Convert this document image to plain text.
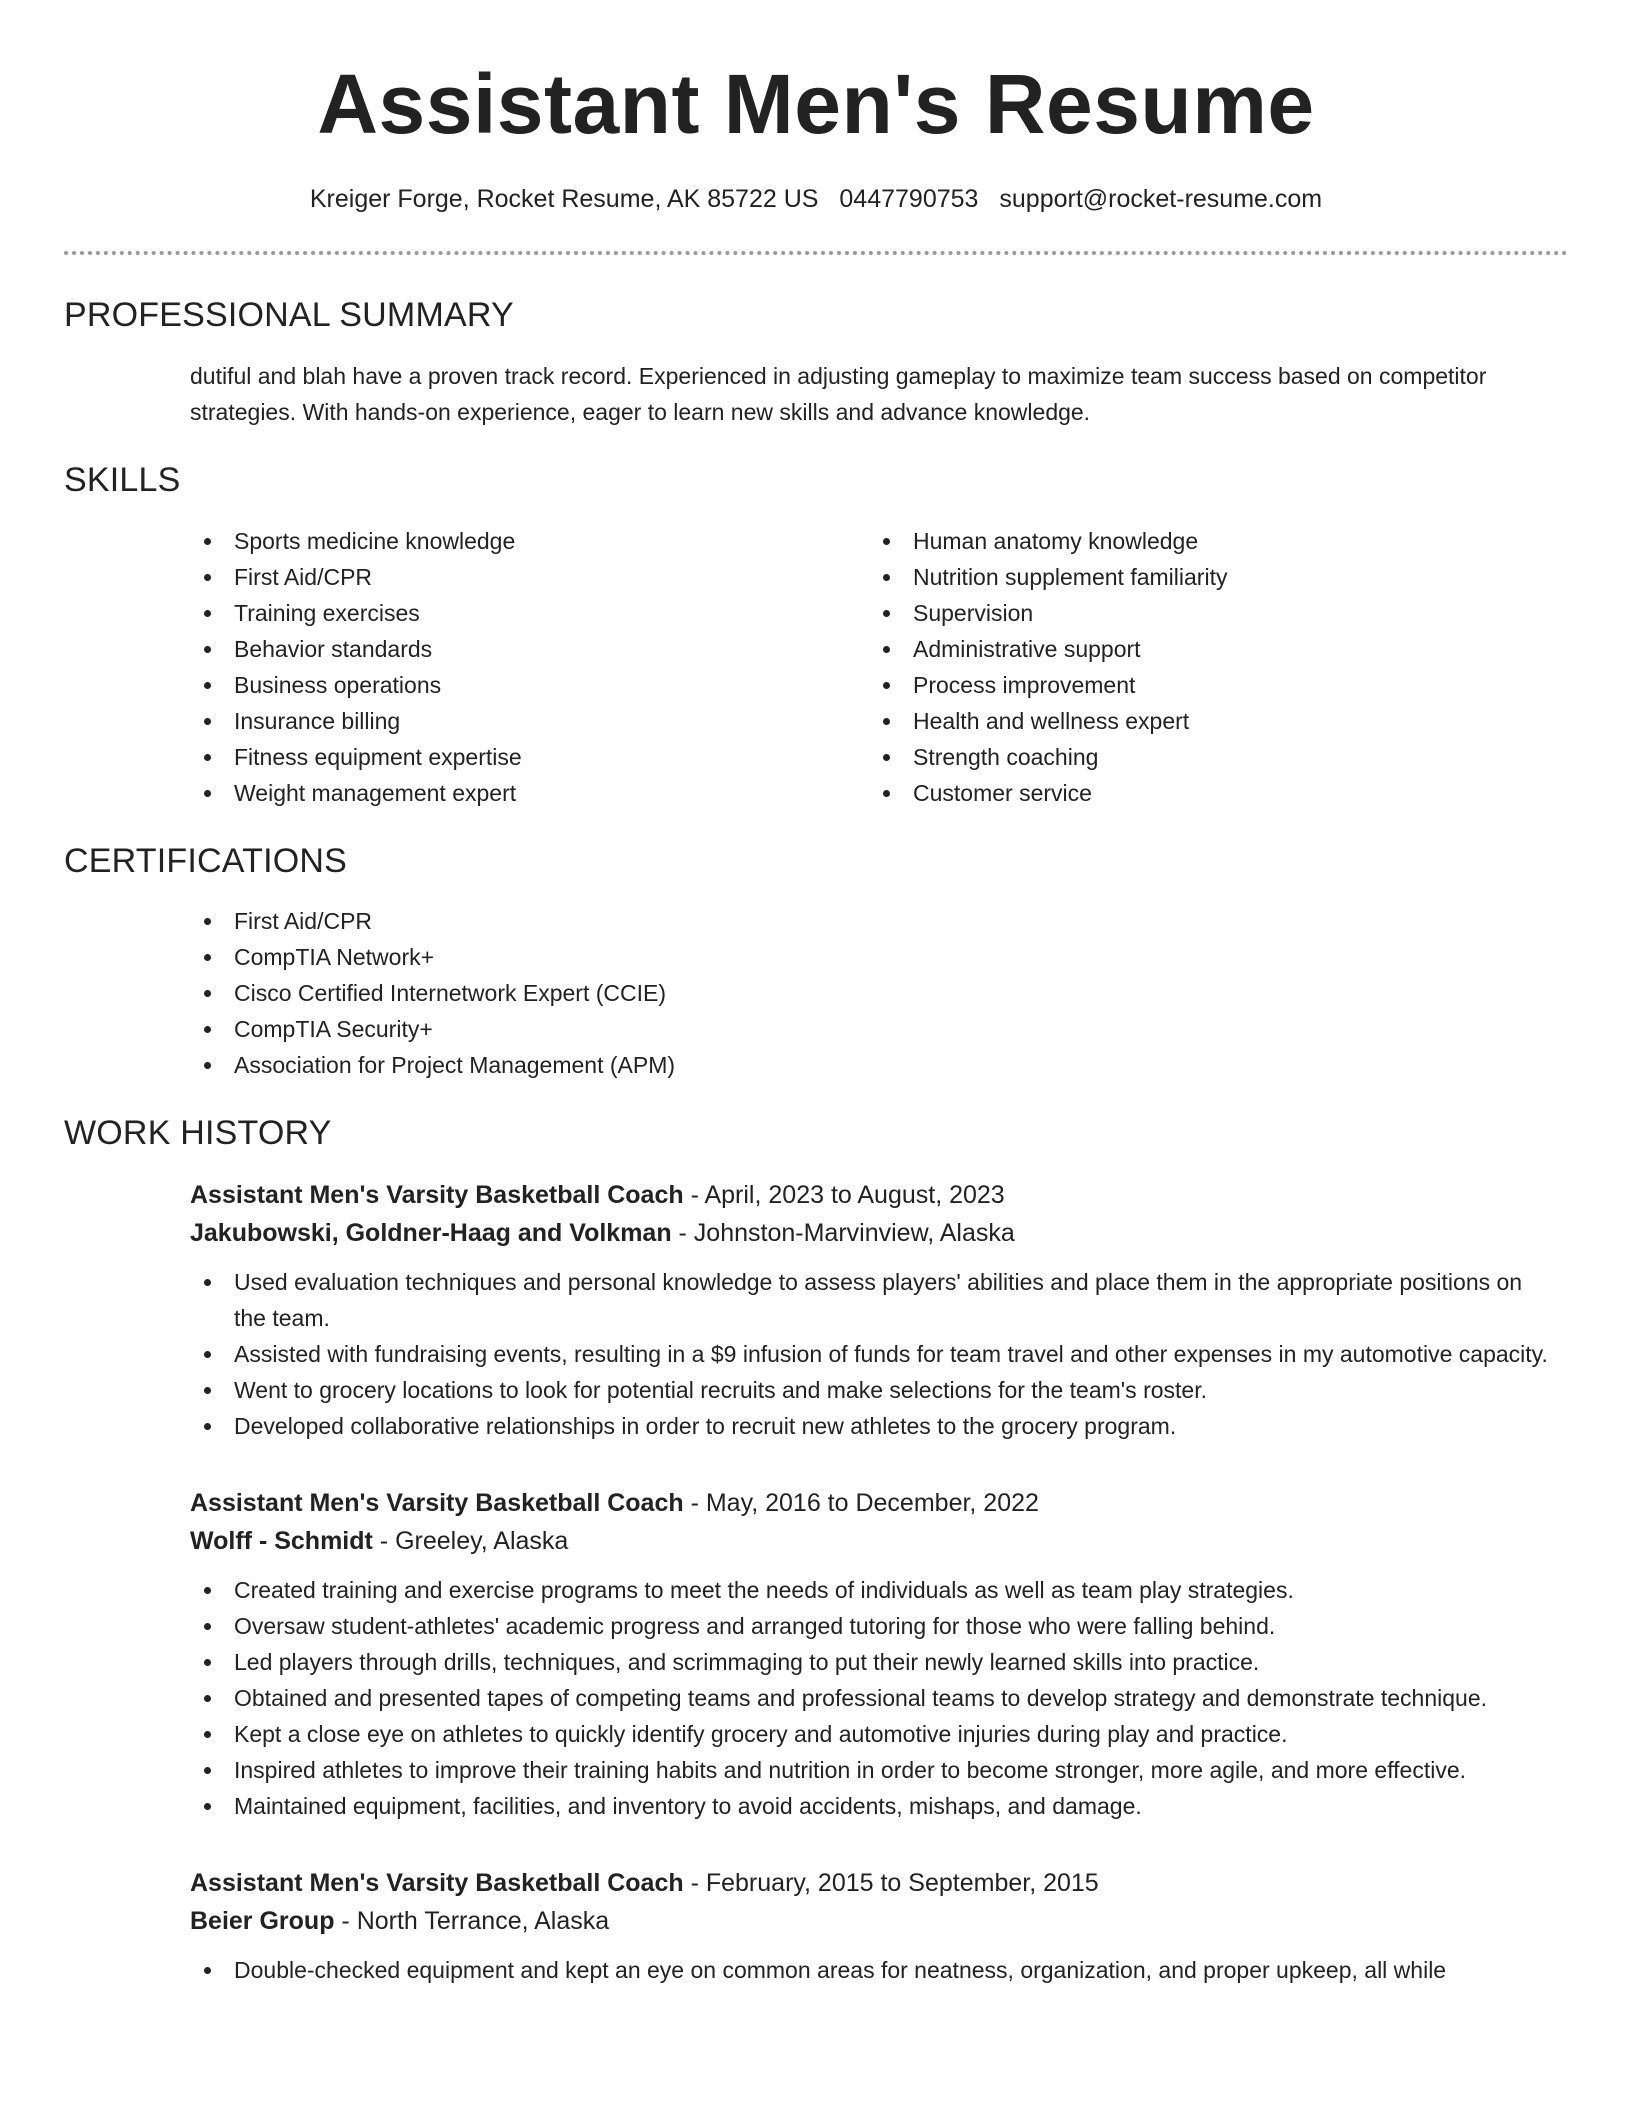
Assistant Men's Resume
Kreiger Forge, Rocket Resume, AK 85722 US 0447790753 support@rocket-resume.com
PROFESSIONAL SUMMARY

dutiful and blah have a proven track record. Experienced in adjusting gameplay to maximize team success based on competitor strategies. With hands-on experience, eager to learn new skills and advance knowledge.

SKILLS
Sports medicine knowledge
First Aid/CPR
Training exercises
Behavior standards
Business operations
Insurance billing
Fitness equipment expertise
Weight management expert
Human anatomy knowledge
Nutrition supplement familiarity
Supervision
Administrative support
Process improvement
Health and wellness expert
Strength coaching
Customer service
CERTIFICATIONS
First Aid/CPR
CompTIA Network+
Cisco Certified Internetwork Expert (CCIE)
CompTIA Security+
Association for Project Management (APM)
WORK HISTORY
Assistant Men's Varsity Basketball Coach - April, 2023 to August, 2023
Jakubowski, Goldner-Haag and Volkman - Johnston-Marvinview, Alaska
Used evaluation techniques and personal knowledge to assess players' abilities and place them in the appropriate positions on the team.
Assisted with fundraising events, resulting in a $9 infusion of funds for team travel and other expenses in my automotive capacity.
Went to grocery locations to look for potential recruits and make selections for the team's roster.
Developed collaborative relationships in order to recruit new athletes to the grocery program.
Assistant Men's Varsity Basketball Coach - May, 2016 to December, 2022
Wolff - Schmidt - Greeley, Alaska
Created training and exercise programs to meet the needs of individuals as well as team play strategies.
Oversaw student-athletes' academic progress and arranged tutoring for those who were falling behind.
Led players through drills, techniques, and scrimmaging to put their newly learned skills into practice.
Obtained and presented tapes of competing teams and professional teams to develop strategy and demonstrate technique.
Kept a close eye on athletes to quickly identify grocery and automotive injuries during play and practice.
Inspired athletes to improve their training habits and nutrition in order to become stronger, more agile, and more effective.
Maintained equipment, facilities, and inventory to avoid accidents, mishaps, and damage.
Assistant Men's Varsity Basketball Coach - February, 2015 to September, 2015
Beier Group - North Terrance, Alaska
Double-checked equipment and kept an eye on common areas for neatness, organization, and proper upkeep, all while
